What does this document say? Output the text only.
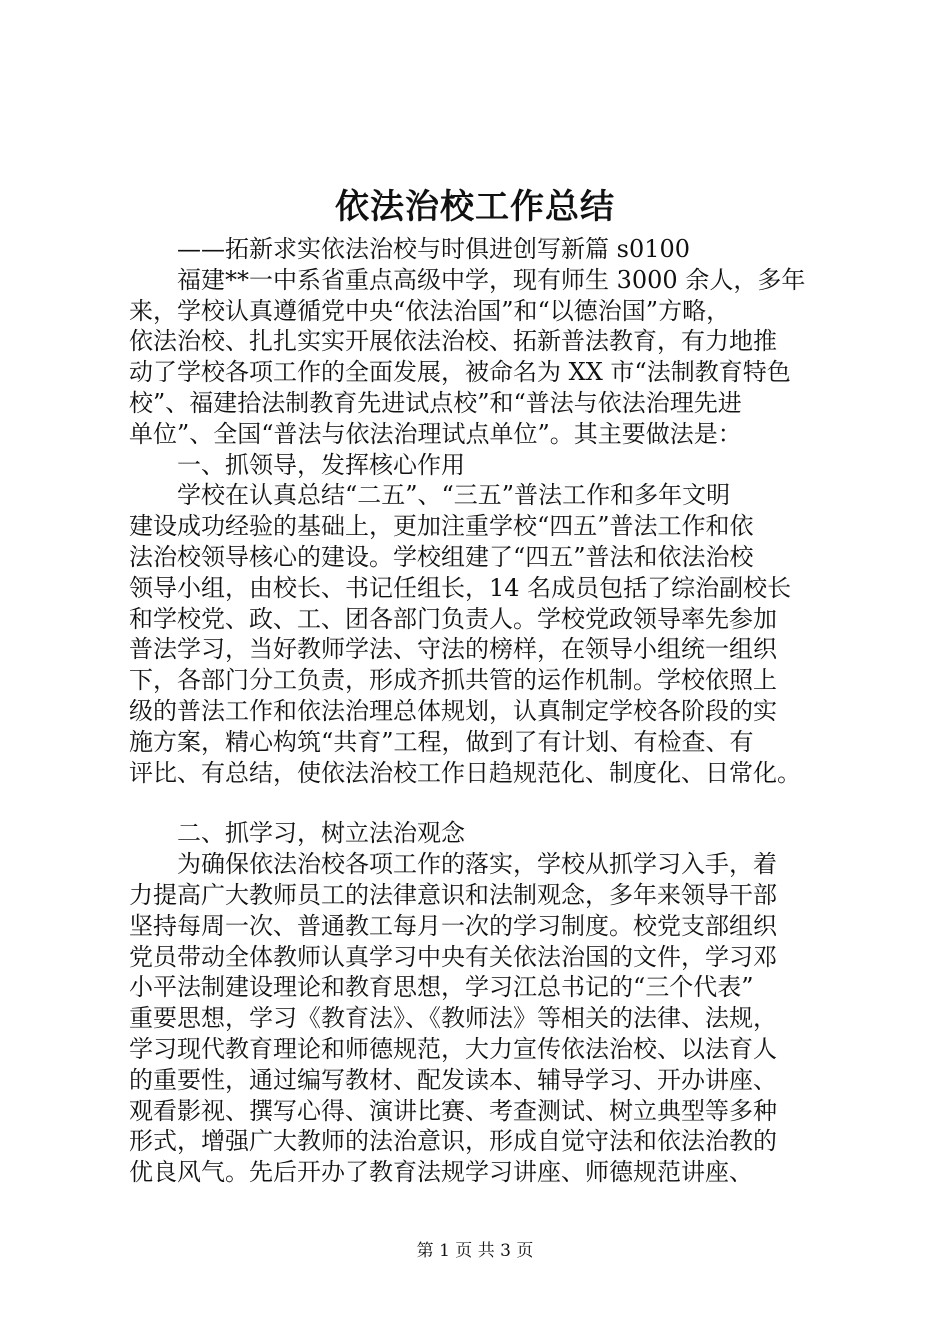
依法治校工作总结
——拓新求实依法治校与时俱进创写新篇 s0100
福建**一中系省重点高级中学，现有师生 3000 余人，多年
来，学校认真遵循党中央“依法治国”和“以德治国”方略，
依法治校、扎扎实实开展依法治校、拓新普法教育，有力地推
动了学校各项工作的全面发展，被命名为 XX 市“法制教育特色
校”、福建拾法制教育先进试点校”和“普法与依法治理先进
单位”、全国“普法与依法治理试点单位”。其主要做法是：
一、抓领导，发挥核心作用
学校在认真总结“二五”、“三五”普法工作和多年文明
建设成功经验的基础上，更加注重学校“四五”普法工作和依
法治校领导核心的建设。学校组建了“四五”普法和依法治校
领导小组，由校长、书记任组长，14 名成员包括了综治副校长
和学校党、政、工、团各部门负责人。学校党政领导率先参加
普法学习，当好教师学法、守法的榜样，在领导小组统一组织
下，各部门分工负责，形成齐抓共管的运作机制。学校依照上
级的普法工作和依法治理总体规划，认真制定学校各阶段的实
施方案，精心构筑“共育”工程，做到了有计划、有检查、有
评比、有总结，使依法治校工作日趋规范化、制度化、日常化。
二、抓学习，树立法治观念
为确保依法治校各项工作的落实，学校从抓学习入手，着
力提高广大教师员工的法律意识和法制观念，多年来领导干部
坚持每周一次、普通教工每月一次的学习制度。校党支部组织
党员带动全体教师认真学习中央有关依法治国的文件，学习邓
小平法制建设理论和教育思想，学习江总书记的“三个代表”
重要思想，学习《教育法》、《教师法》等相关的法律、法规，
学习现代教育理论和师德规范，大力宣传依法治校、以法育人
的重要性，通过编写教材、配发读本、辅导学习、开办讲座、
观看影视、撰写心得、演讲比赛、考查测试、树立典型等多种
形式，增强广大教师的法治意识，形成自觉守法和依法治教的
优良风气。先后开办了教育法规学习讲座、师德规范讲座、
第 1 页 共 3 页
